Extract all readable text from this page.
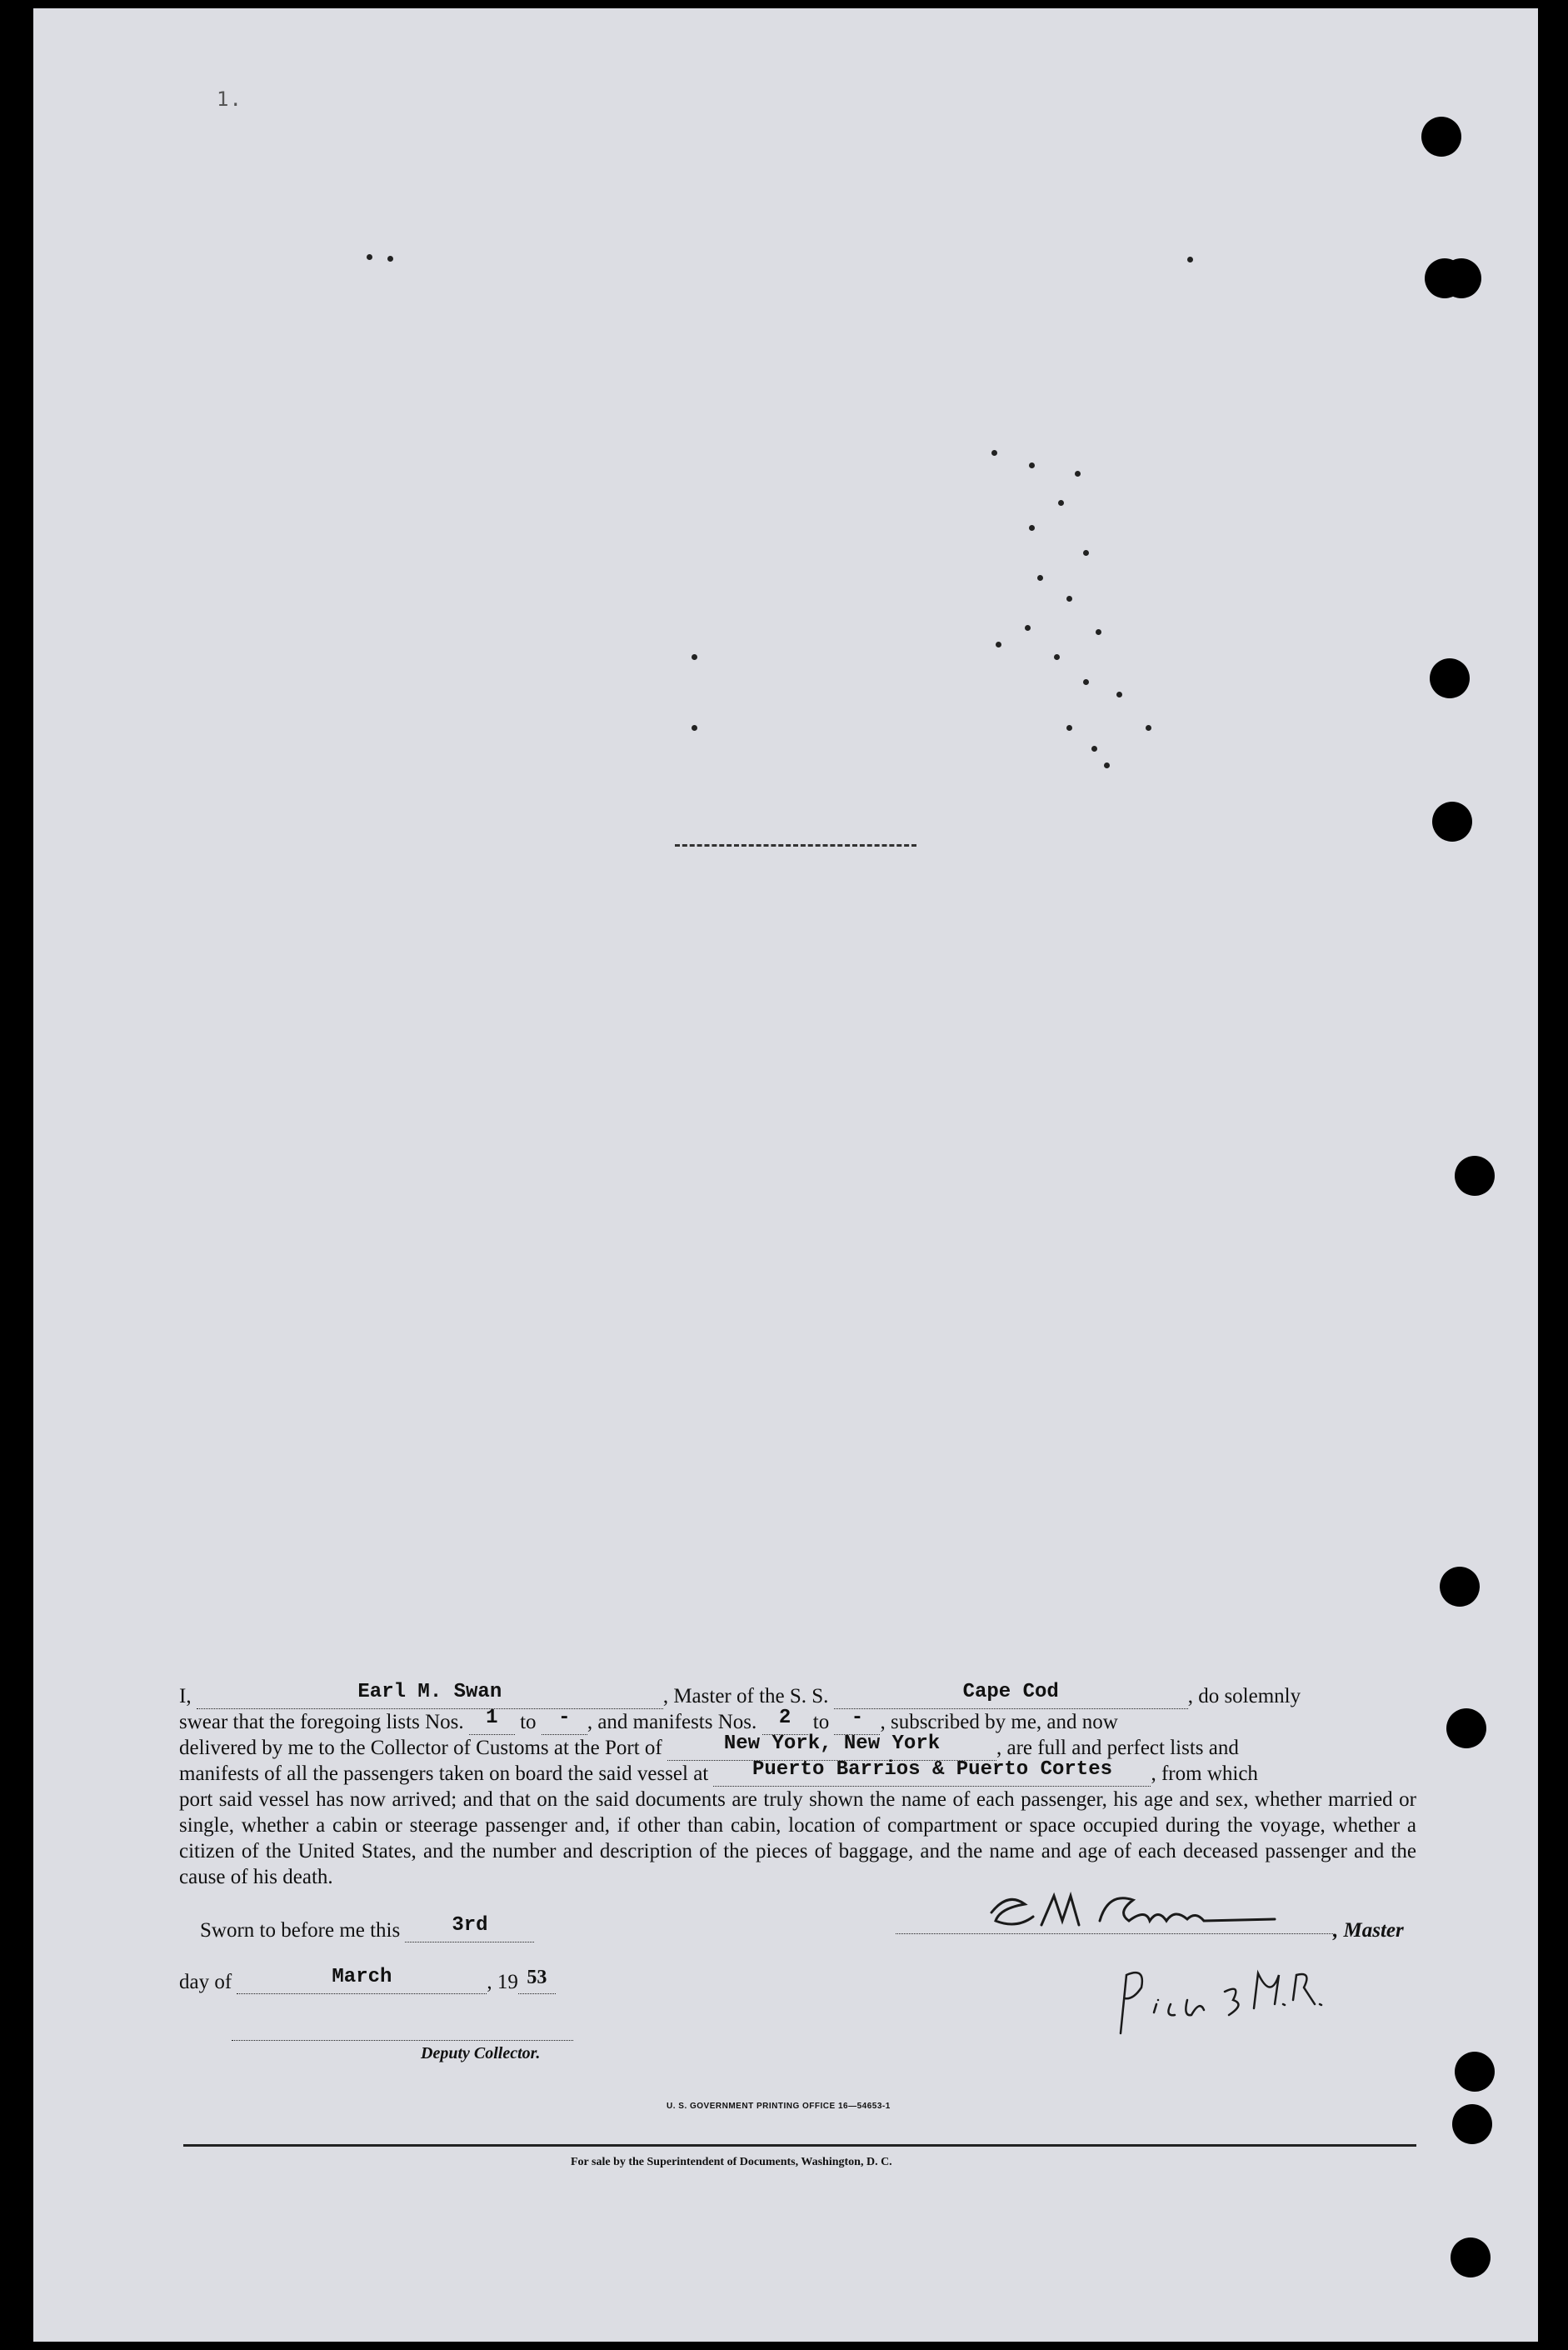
1.
I,	Earl M. Swan	, Master of the S. S.	Cape Cod	, do solemnly
swear that the foregoing lists Nos. 1 to - , and manifests Nos. 2 to - , subscribed by me, and now
delivered by me to the Collector of Customs at the Port of	New York, New York	, are full and perfect lists and
manifests of all the passengers taken on board the said vessel at Puerto Barrios & Puerto Cortes , from which
port said vessel has now arrived; and that on the said documents are truly shown the name of each passenger, his age and sex, whether married or single, whether a cabin or steerage passenger and, if other than cabin, location of compartment or space occupied during the voyage, whether a citizen of the United States, and the number and description of the pieces of baggage, and the name and age of each deceased passenger and the cause of his death.
Sworn to before me this	3rd	, Master
day of	March	, 19 53
Deputy Collector.
U. S. GOVERNMENT PRINTING OFFICE 16—54653-1
For sale by the Superintendent of Documents, Washington, D. C.
